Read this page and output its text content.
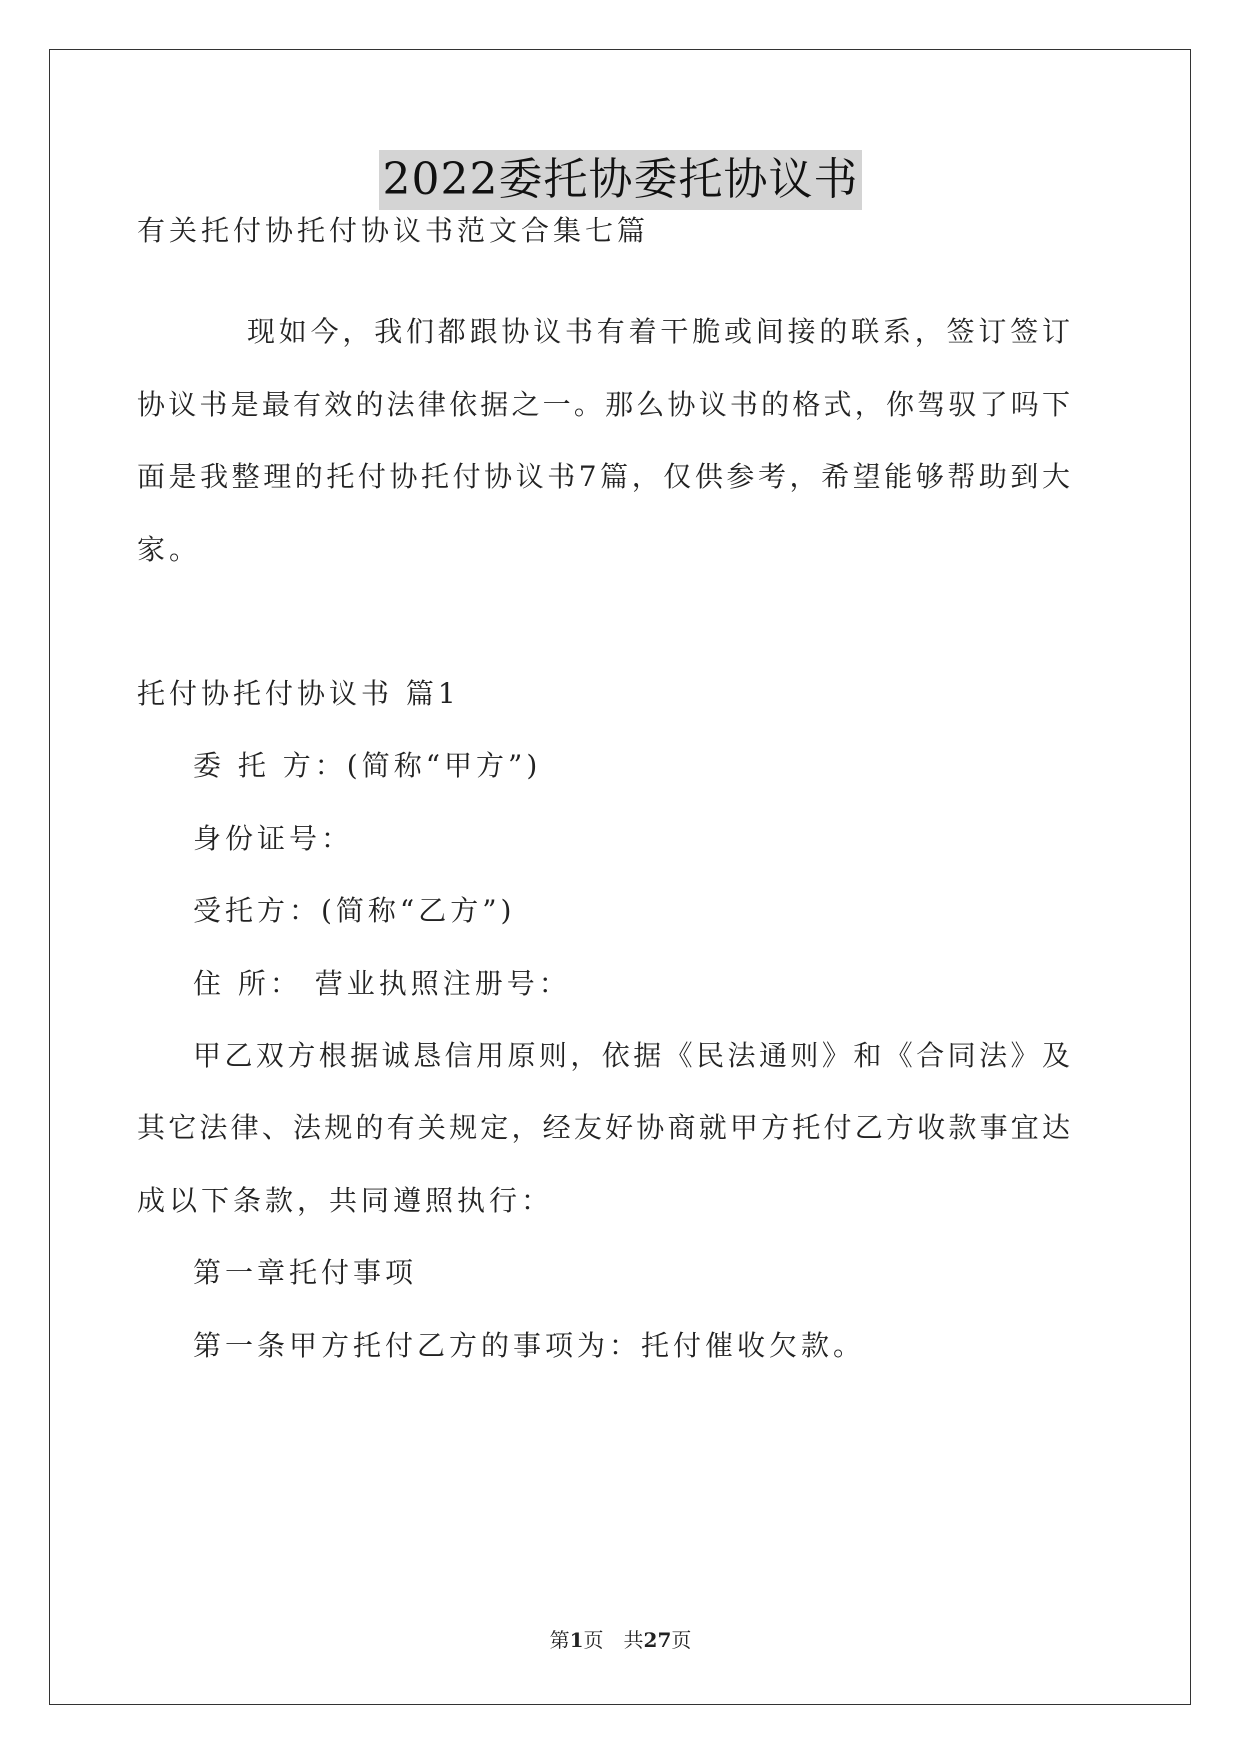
2022委托协委托协议书
有关托付协托付协议书范文合集七篇
现如今，我们都跟协议书有着干脆或间接的联系，签订签订
协议书是最有效的法律依据之一。那么协议书的格式，你驾驭了吗下
面是我整理的托付协托付协议书7篇，仅供参考，希望能够帮助到大
家。
托付协托付协议书 篇1
委 托 方：(简称“甲方”)
身份证号：
受托方：(简称“乙方”)
住 所： 营业执照注册号：
甲乙双方根据诚恳信用原则，依据《民法通则》和《合同法》及
其它法律、法规的有关规定，经友好协商就甲方托付乙方收款事宜达
成以下条款，共同遵照执行：
第一章托付事项
第一条甲方托付乙方的事项为：托付催收欠款。
第1页　共27页
